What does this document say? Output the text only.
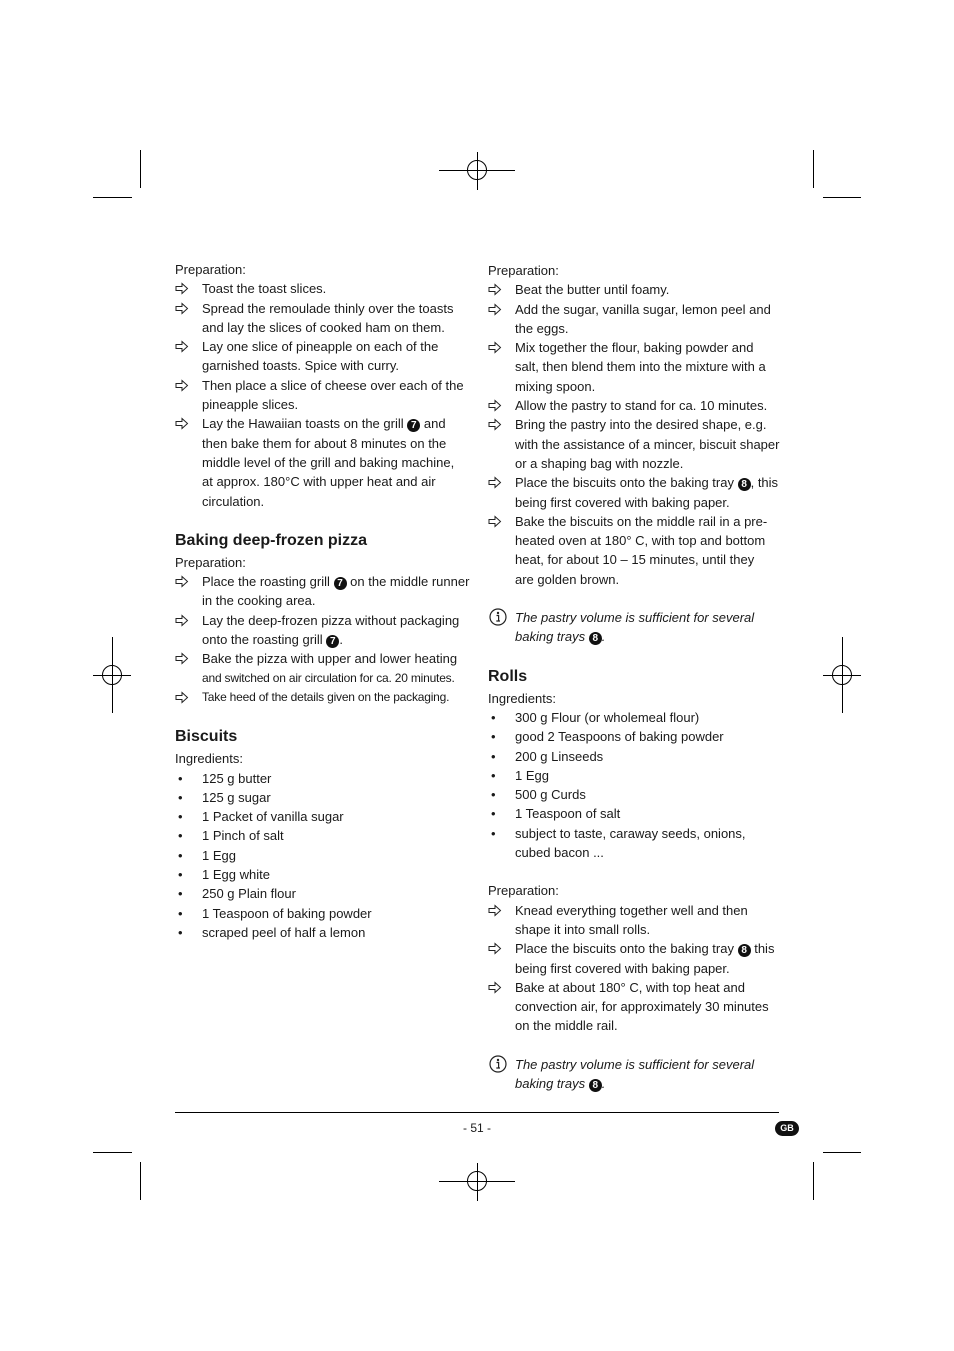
Preparation:
Toast the toast slices.
Spread the remoulade thinly over the toasts
and lay the slices of cooked ham on them.
Lay one slice of pineapple on each of the
garnished toasts. Spice with curry.
Then place a slice of cheese over each of the
pineapple slices.
Lay the Hawaiian toasts on the grill 7 and
then bake them for about 8 minutes on the
middle level of the grill and baking machine,
at approx. 180°C with upper heat and air
circulation.
Baking deep-frozen pizza
Preparation:
Place the roasting grill 7 on the middle runner
in the cooking area.
Lay the deep-frozen pizza without packaging
onto the roasting grill 7 .
Bake the pizza with upper and lower heating
and switched on air circulation for ca. 20 minutes.
Take heed of the details given on the packaging.
Biscuits
Ingredients:
•	125 g butter
•	125 g sugar
•	1 Packet of vanilla sugar
•	1 Pinch of salt
•	1 Egg
•	1 Egg white
•	250 g Plain flour
•	1 Teaspoon of baking powder
•	scraped peel of half a lemon
Preparation:
Beat the butter until foamy.
Add the sugar, vanilla sugar, lemon peel and
the eggs.
Mix together the flour, baking powder and
salt, then blend them into the mixture with a
mixing spoon.
Allow the pastry to stand for ca. 10 minutes.
Bring the pastry into the desired shape, e.g.
with the assistance of a mincer, biscuit shaper
or a shaping bag with nozzle.
Place the biscuits onto the baking tray 8 , this
being first covered with baking paper.
Bake the biscuits on the middle rail in a pre-
heated oven at 180° C, with top and bottom
heat, for about 10 – 15 minutes, until they
are golden brown.
The pastry volume is sufficient for several
baking trays 8 .
Rolls
Ingredients:
•	300 g Flour (or wholemeal flour)
•	good 2 Teaspoons of baking powder
•	200 g Linseeds
•	1 Egg
•	500 g Curds
•	1 Teaspoon of salt
•	subject to taste, caraway seeds, onions,
cubed bacon ...
Preparation:
Knead everything together well and then
shape it into small rolls.
Place the biscuits onto the baking tray 8 this
being first covered with baking paper.
Bake at about 180° C, with top heat and
convection air, for approximately 30 minutes
on the middle rail.
The pastry volume is sufficient for several
baking trays 8 .
- 51 -	GB
